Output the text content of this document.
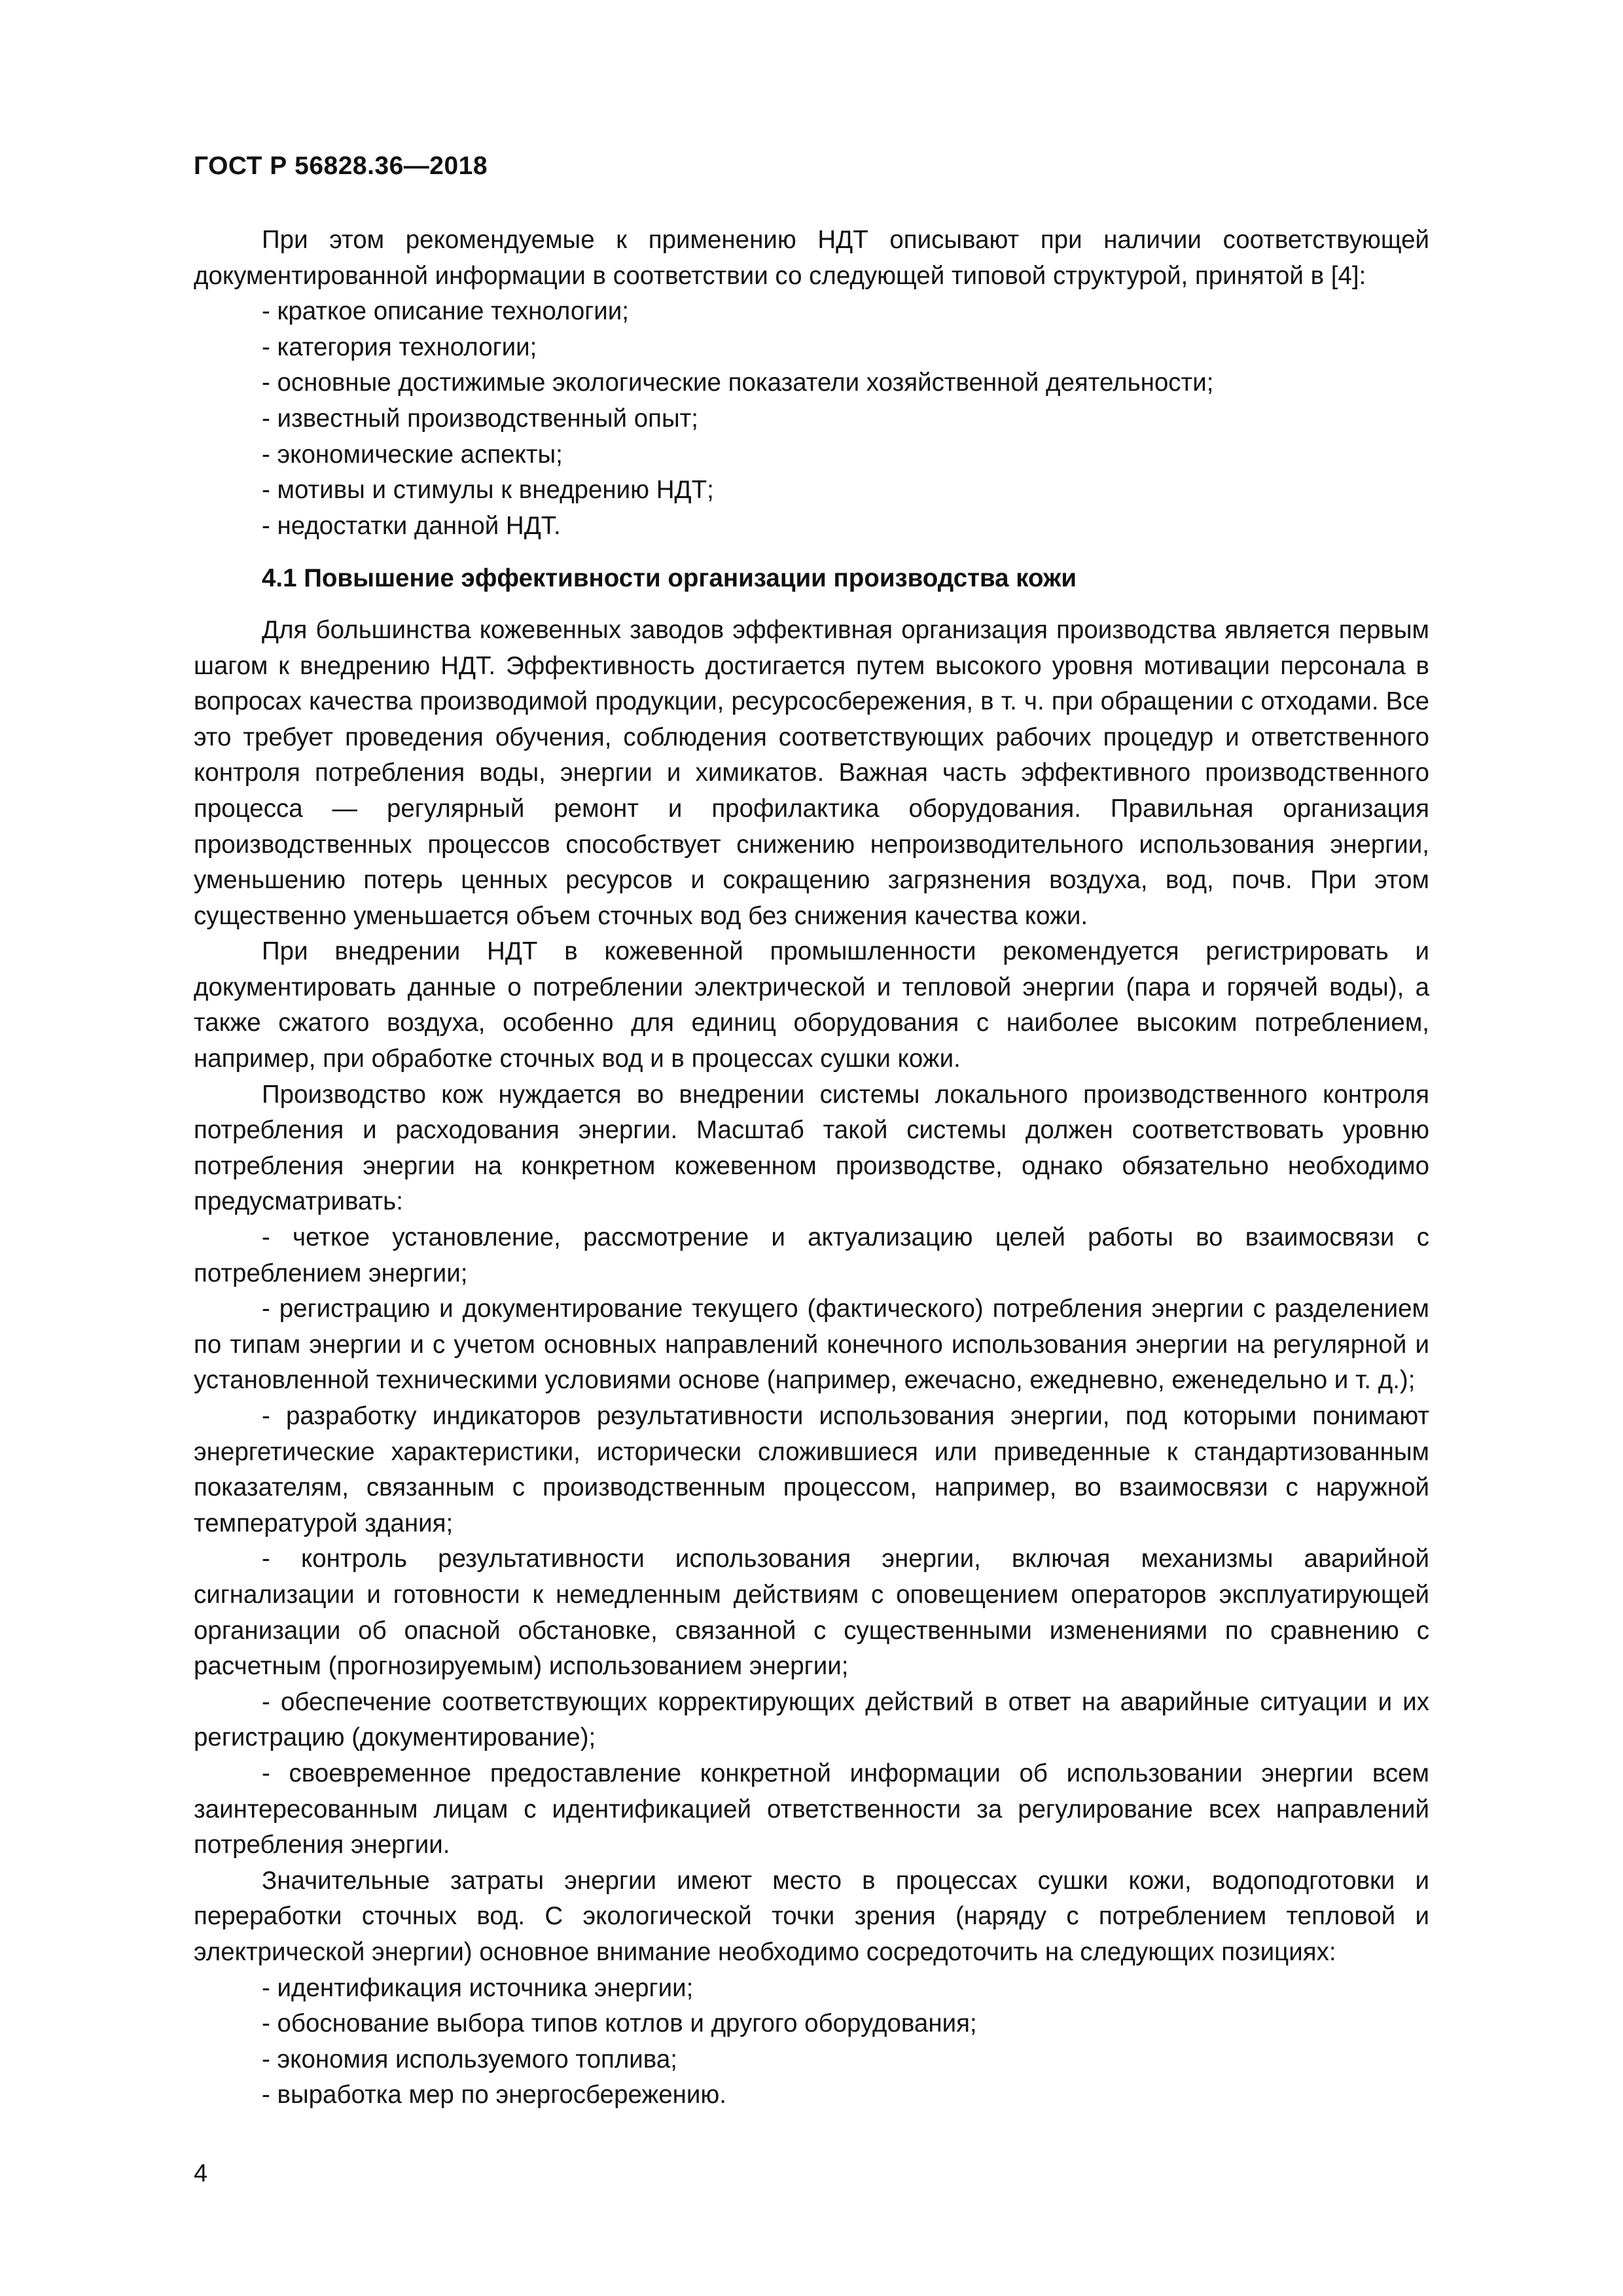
ГОСТ Р 56828.36—2018

При этом рекомендуемые к применению НДТ описывают при наличии соответствующей документированной информации в соответствии со следующей типовой структурой, принятой в [4]:

- краткое описание технологии;

- категория технологии;

- основные достижимые экологические показатели хозяйственной деятельности;

- известный производственный опыт;

- экономические аспекты;

- мотивы и стимулы к внедрению НДТ;

- недостатки данной НДТ.

4.1 Повышение эффективности организации производства кожи

Для большинства кожевенных заводов эффективная организация производства является первым шагом к внедрению НДТ. Эффективность достигается путем высокого уровня мотивации персонала в вопросах качества производимой продукции, ресурсосбережения, в т. ч. при обращении с отходами. Все это требует проведения обучения, соблюдения соответствующих рабочих процедур и ответственного контроля потребления воды, энергии и химикатов. Важная часть эффективного производственного процесса — регулярный ремонт и профилактика оборудования. Правильная организация производственных процессов способствует снижению непроизводительного использования энергии, уменьшению потерь ценных ресурсов и сокращению загрязнения воздуха, вод, почв. При этом существенно уменьшается объем сточных вод без снижения качества кожи.

При внедрении НДТ в кожевенной промышленности рекомендуется регистрировать и документировать данные о потреблении электрической и тепловой энергии (пара и горячей воды), а также сжатого воздуха, особенно для единиц оборудования с наиболее высоким потреблением, например, при обработке сточных вод и в процессах сушки кожи.

Производство кож нуждается во внедрении системы локального производственного контроля потребления и расходования энергии. Масштаб такой системы должен соответствовать уровню потребления энергии на конкретном кожевенном производстве, однако обязательно необходимо предусматривать:

- четкое установление, рассмотрение и актуализацию целей работы во взаимосвязи с потреблением энергии;

- регистрацию и документирование текущего (фактического) потребления энергии с разделением по типам энергии и с учетом основных направлений конечного использования энергии на регулярной и установленной техническими условиями основе (например, ежечасно, ежедневно, еженедельно и т. д.);

- разработку индикаторов результативности использования энергии, под которыми понимают энергетические характеристики, исторически сложившиеся или приведенные к стандартизованным показателям, связанным с производственным процессом, например, во взаимосвязи с наружной температурой здания;

- контроль результативности использования энергии, включая механизмы аварийной сигнализации и готовности к немедленным действиям с оповещением операторов эксплуатирующей организации об опасной обстановке, связанной с существенными изменениями по сравнению с расчетным (прогнозируемым) использованием энергии;

- обеспечение соответствующих корректирующих действий в ответ на аварийные ситуации и их регистрацию (документирование);

- своевременное предоставление конкретной информации об использовании энергии всем заинтересованным лицам с идентификацией ответственности за регулирование всех направлений потребления энергии.

Значительные затраты энергии имеют место в процессах сушки кожи, водоподготовки и переработки сточных вод. С экологической точки зрения (наряду с потреблением тепловой и электрической энергии) основное внимание необходимо сосредоточить на следующих позициях:

- идентификация источника энергии;

- обоснование выбора типов котлов и другого оборудования;

- экономия используемого топлива;

- выработка мер по энергосбережению.

4
